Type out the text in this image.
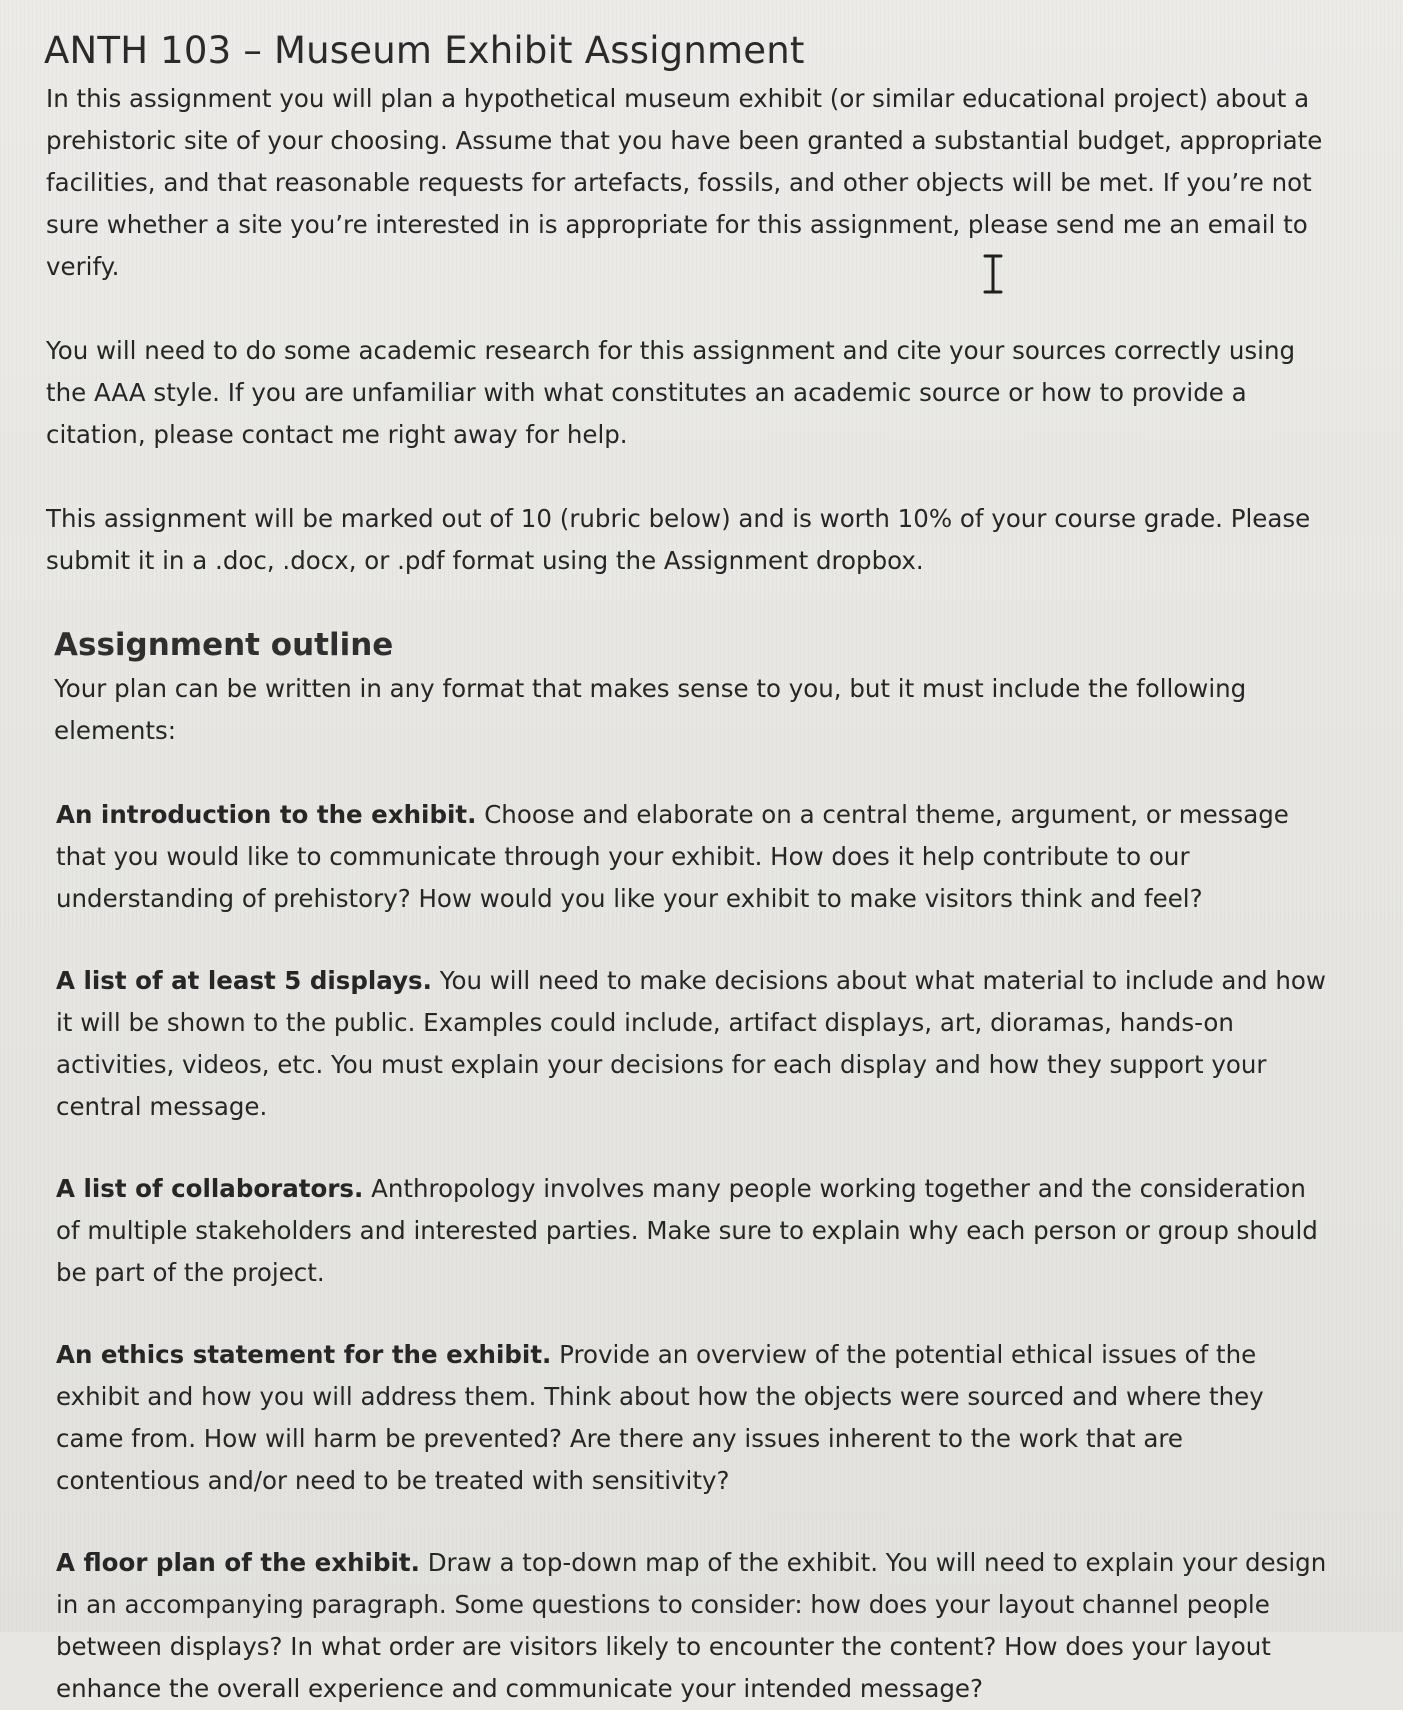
ANTH 103 – Museum Exhibit Assignment

In this assignment you will plan a hypothetical museum exhibit (or similar educational project) about a prehistoric site of your choosing. Assume that you have been granted a substantial budget, appropriate facilities, and that reasonable requests for artefacts, fossils, and other objects will be met. If you’re not sure whether a site you’re interested in is appropriate for this assignment, please send me an email to verify.

You will need to do some academic research for this assignment and cite your sources correctly using the AAA style. If you are unfamiliar with what constitutes an academic source or how to provide a citation, please contact me right away for help.

This assignment will be marked out of 10 (rubric below) and is worth 10% of your course grade. Please submit it in a .doc, .docx, or .pdf format using the Assignment dropbox.

Assignment outline

Your plan can be written in any format that makes sense to you, but it must include the following elements:

An introduction to the exhibit. Choose and elaborate on a central theme, argument, or message that you would like to communicate through your exhibit. How does it help contribute to our understanding of prehistory? How would you like your exhibit to make visitors think and feel?

A list of at least 5 displays. You will need to make decisions about what material to include and how it will be shown to the public. Examples could include, artifact displays, art, dioramas, hands-on activities, videos, etc. You must explain your decisions for each display and how they support your central message.

A list of collaborators. Anthropology involves many people working together and the consideration of multiple stakeholders and interested parties. Make sure to explain why each person or group should be part of the project.

An ethics statement for the exhibit. Provide an overview of the potential ethical issues of the exhibit and how you will address them. Think about how the objects were sourced and where they came from. How will harm be prevented? Are there any issues inherent to the work that are contentious and/or need to be treated with sensitivity?

A floor plan of the exhibit. Draw a top-down map of the exhibit. You will need to explain your design in an accompanying paragraph. Some questions to consider: how does your layout channel people between displays? In what order are visitors likely to encounter the content? How does your layout enhance the overall experience and communicate your intended message?
